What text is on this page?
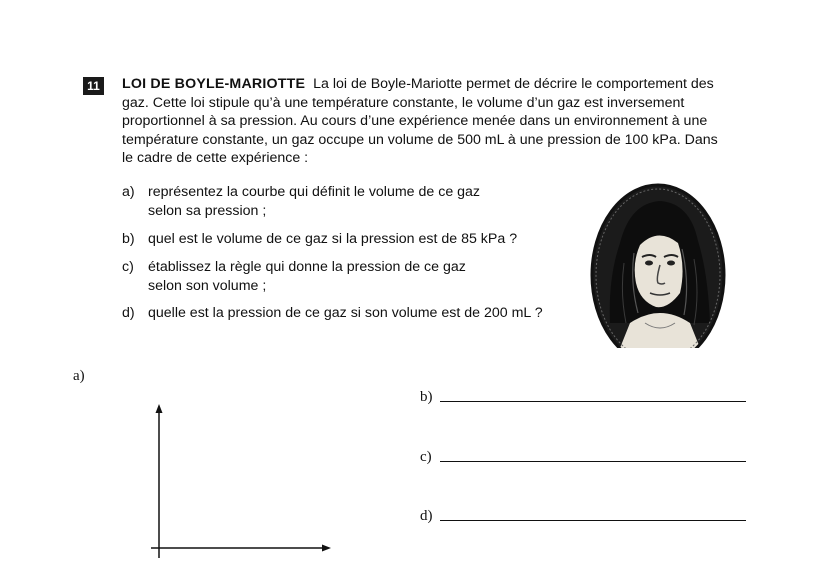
11 LOI DE BOYLE-MARIOTTE La loi de Boyle-Mariotte permet de décrire le comportement des gaz. Cette loi stipule qu’à une température constante, le volume d’un gaz est inversement proportionnel à sa pression. Au cours d’une expérience menée dans un environnement à une température constante, un gaz occupe un volume de 500 mL à une pression de 100 kPa. Dans le cadre de cette expérience :
a) représentez la courbe qui définit le volume de ce gaz
selon sa pression ;
b) quel est le volume de ce gaz si la pression est de 85 kPa ?
c) établissez la règle qui donne la pression de ce gaz
selon son volume ;
d) quelle est la pression de ce gaz si son volume est de 200 mL ?
a)
b)
c)
d)
